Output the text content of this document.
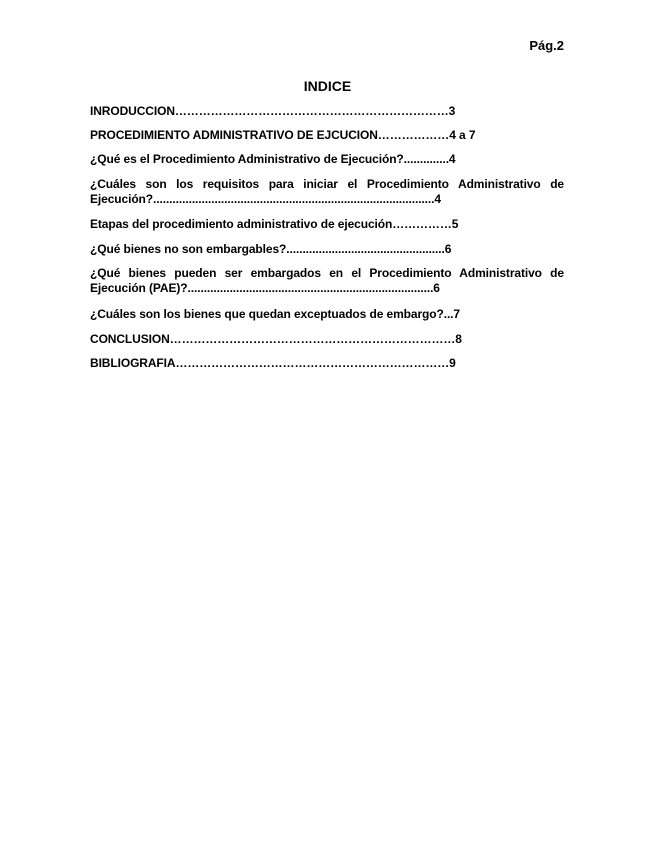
Pág.2
INDICE

INRODUCCION……………………………………………………………3

PROCEDIMIENTO ADMINISTRATIVO DE EJCUCION………………4 a 7

¿Qué es el Procedimiento Administrativo de Ejecución?..............4

¿Cuáles son los requisitos para iniciar el Procedimiento Administrativo de Ejecución?.......................................................................................4

Etapas del procedimiento administrativo de ejecución……………5

¿Qué bienes no son embargables?.................................................6

¿Qué bienes pueden ser embargados en el Procedimiento Administrativo de Ejecución (PAE)?............................................................................6

¿Cuáles son los bienes que quedan exceptuados de embargo?...7

CONCLUSION………………………………………………………………8

BIBLIOGRAFIA……………………………………………………………9
